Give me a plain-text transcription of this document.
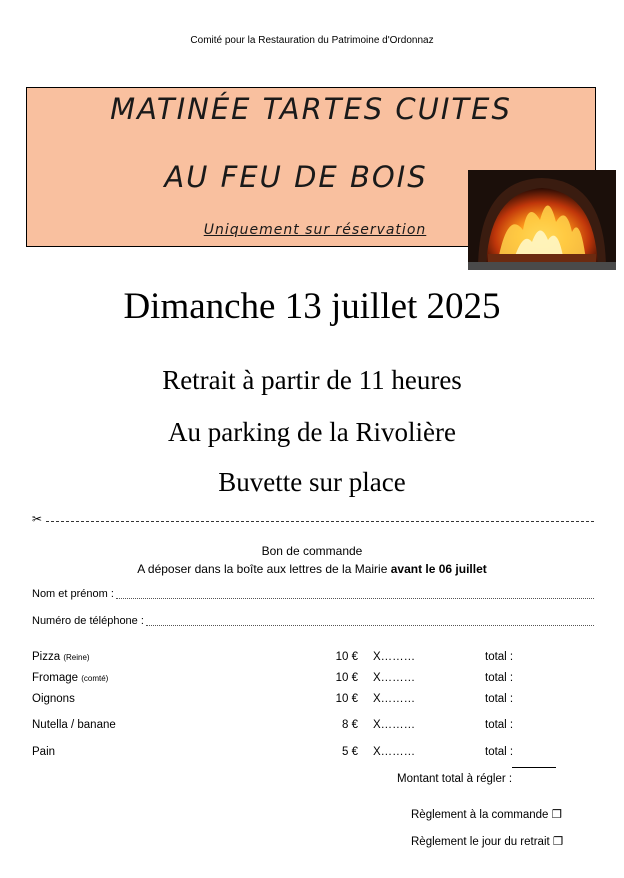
Comité pour la Restauration du Patrimoine d'Ordonnaz
MATINÉE TARTES CUITES
AU FEU DE BOIS
Uniquement sur réservation
Dimanche 13 juillet 2025
Retrait à partir de 11 heures
Au parking de la Rivolière
Buvette sur place
✂
Bon de commande
A déposer dans la boîte aux lettres de la Mairie avant le 06 juillet
Nom et prénom :
Numéro de téléphone :
Pizza (Reine)	10 € X………	total :
Fromage (comté)	10 € X………	total :
Oignons	10 € X………	total :
Nutella / banane	8 € X………	total :
Pain	5 € X………	total :
Montant total à régler :
Règlement à la commande ❐
Règlement le jour du retrait ❐
